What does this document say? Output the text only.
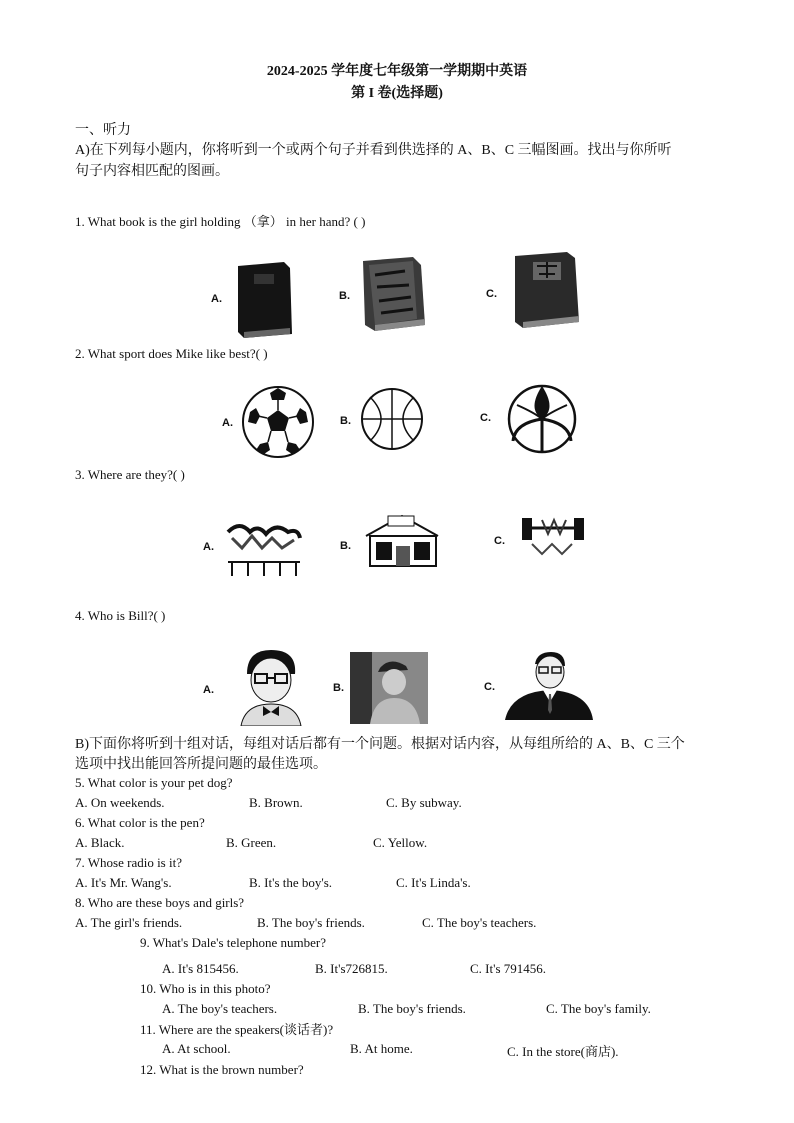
2024-2025 学年度七年级第一学期期中英语
第 I 卷(选择题)
一、听力
A)在下列每小题内，你将听到一个或两个句子并看到供选择的 A、B、C 三幅图画。找出与你所听
句子内容相匹配的图画。
1. What book is the girl holding （拿） in her hand? ( )
A.	B.	C.
2. What sport does Mike like best?( )
A.	B.	C.
3. Where are they?( )
A.	B.	C.
4. Who is Bill?( )
A.	B.	C.
B)下面你将听到十组对话，每组对话后都有一个问题。根据对话内容，从每组所给的 A、B、C 三个
选项中找出能回答所提问题的最佳选项。
5. What color is your pet dog?
A. On weekends.	B. Brown.	C. By subway.
6. What color is the pen?
A. Black.	B. Green.	C. Yellow.
7. Whose radio is it?
A. It's Mr. Wang's.	B. It's the boy's.	C. It's Linda's.
8. Who are these boys and girls?
A. The girl's friends.	B. The boy's friends.	C. The boy's teachers.
9. What's Dale's telephone number?
A. It's 815456.	B. It's726815.	C. It's 791456.
10. Who is in this photo?
A. The boy's teachers.	B. The boy's friends.	C. The boy's family.
11. Where are the speakers(谈话者)?
A. At school.	B. At home.	C. In the store(商店).
12. What is the brown number?
